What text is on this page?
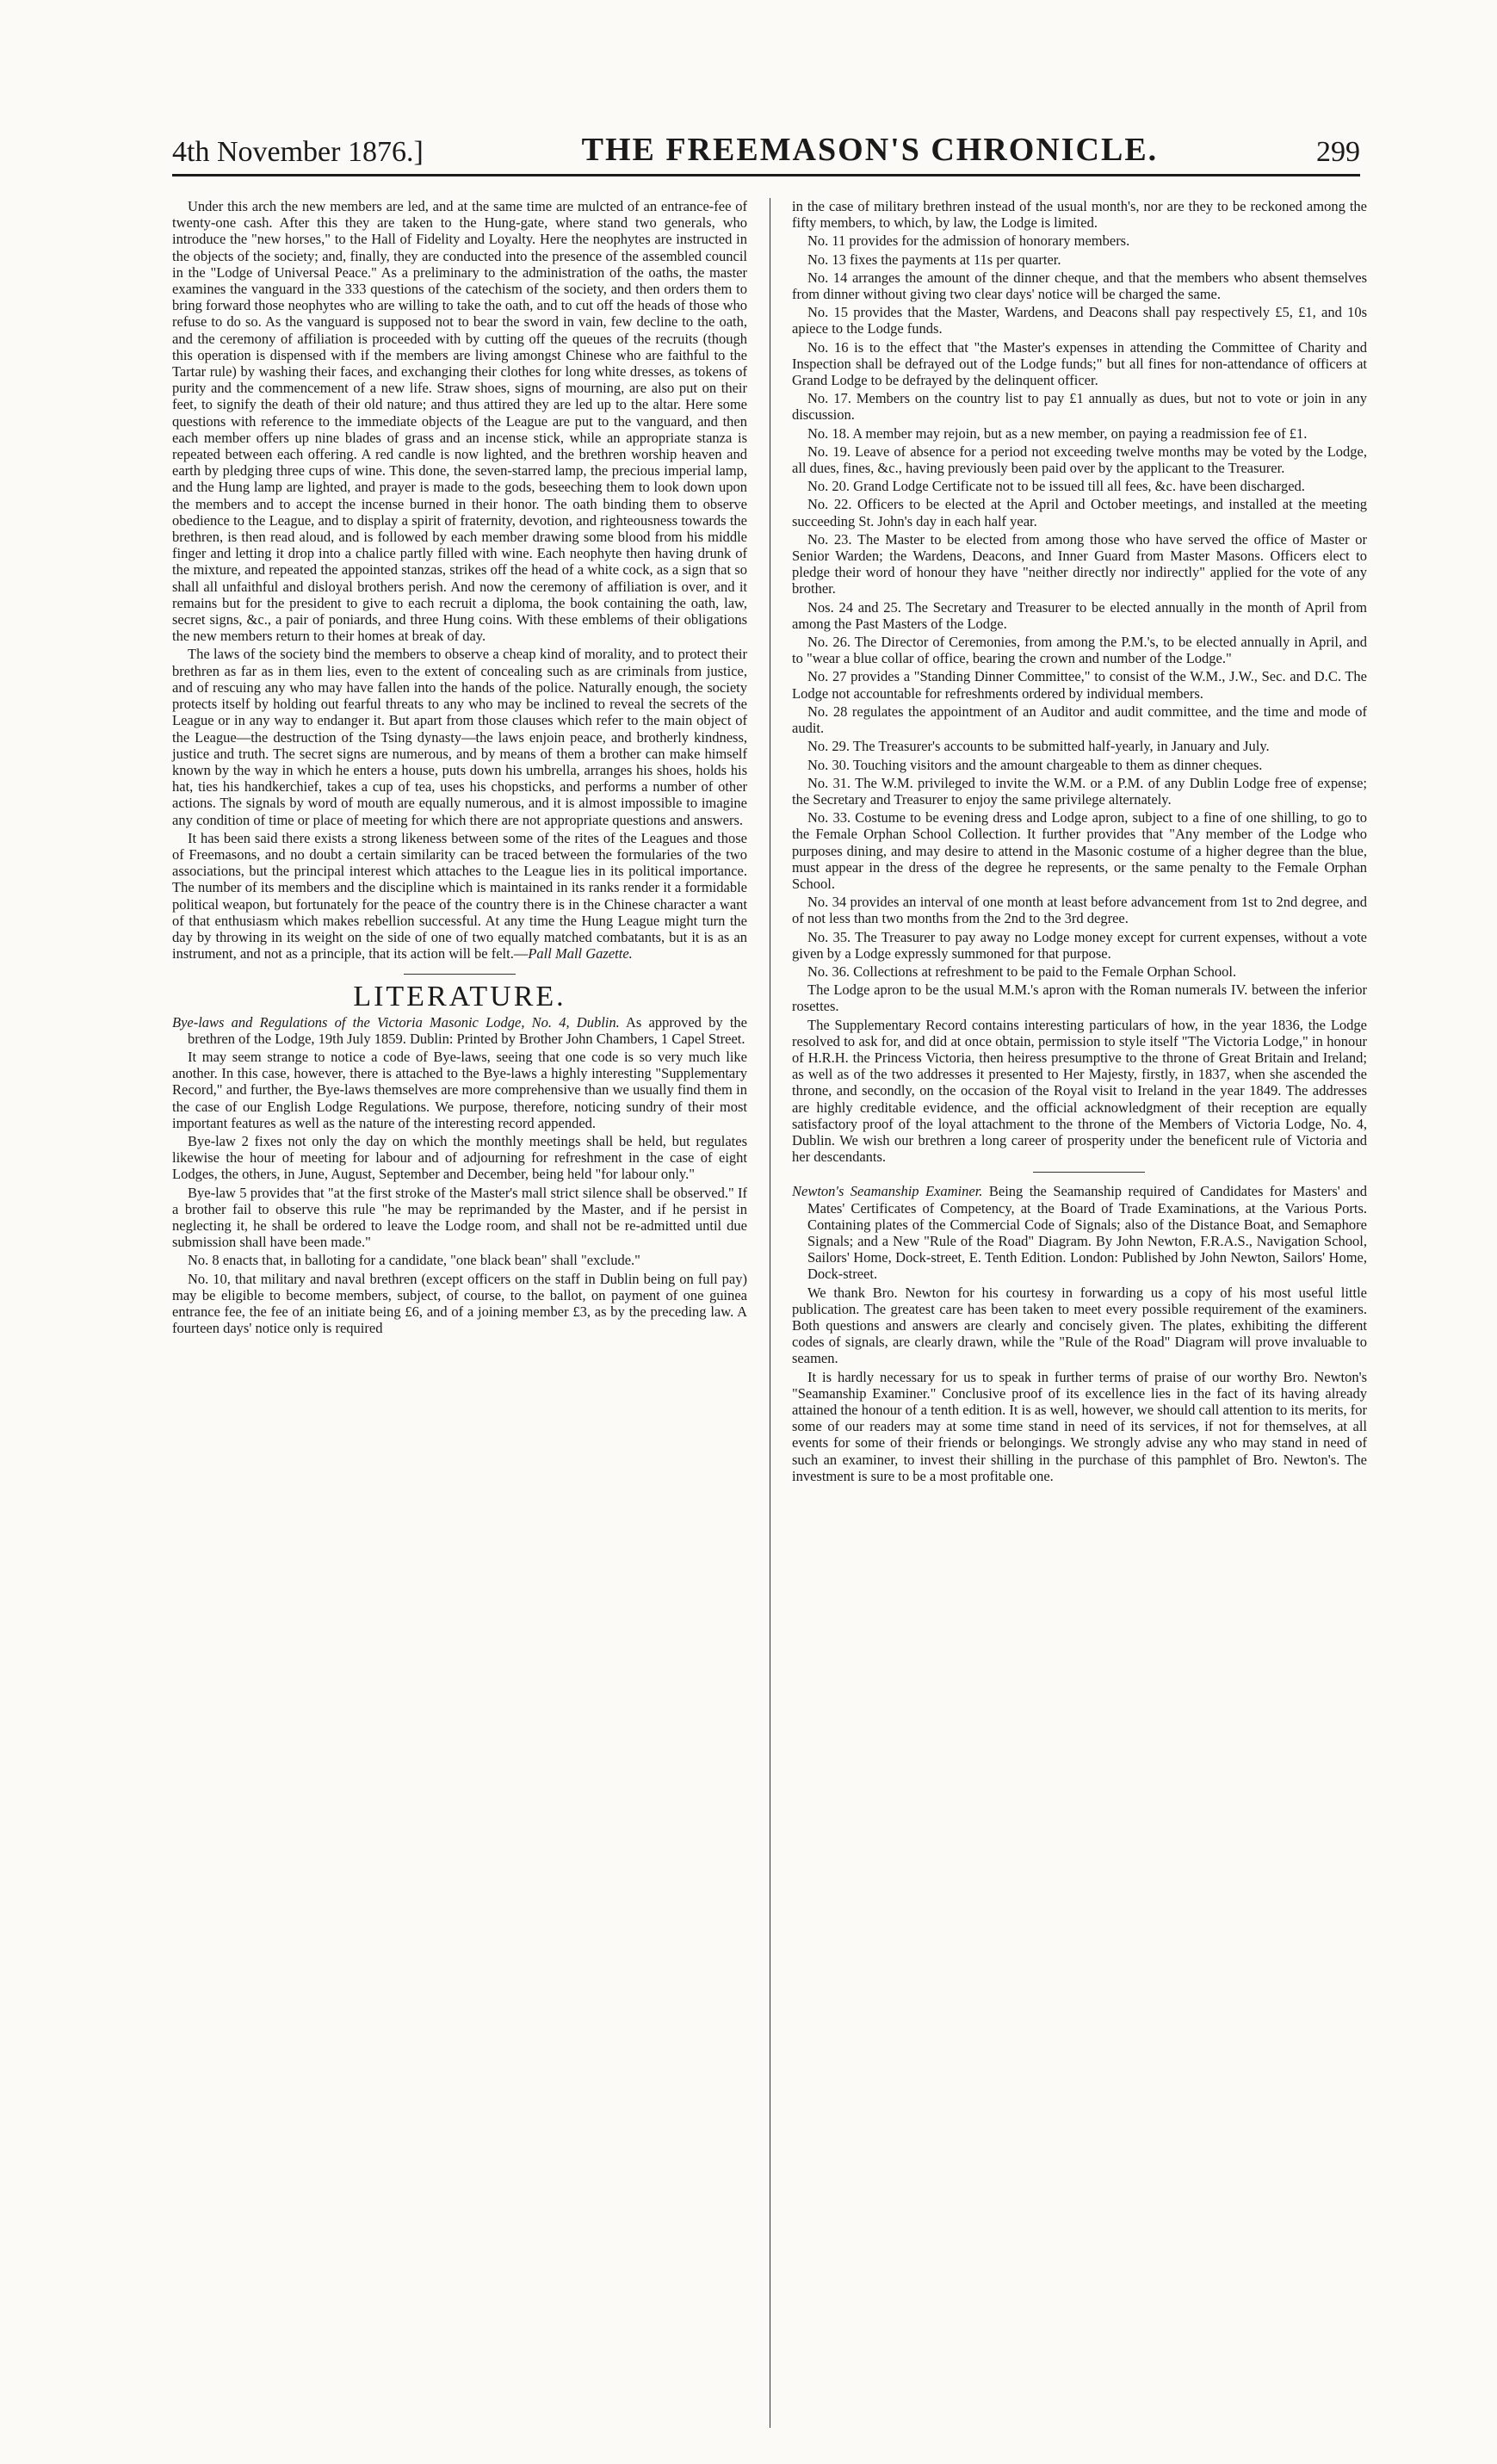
4th November 1876.]	THE FREEMASON'S CHRONICLE.	299

Under this arch the new members are led, and at the same time are mulcted of an entrance-fee of twenty-one cash. After this they are taken to the Hung-gate, where stand two generals, who introduce the "new horses," to the Hall of Fidelity and Loyalty. Here the neophytes are instructed in the objects of the society; and, finally, they are conducted into the presence of the assembled council in the "Lodge of Universal Peace." As a preliminary to the administration of the oaths, the master examines the vanguard in the 333 questions of the catechism of the society, and then orders them to bring forward those neophytes who are willing to take the oath, and to cut off the heads of those who refuse to do so. As the vanguard is supposed not to bear the sword in vain, few decline to the oath, and the ceremony of affiliation is proceeded with by cutting off the queues of the recruits (though this operation is dispensed with if the members are living amongst Chinese who are faithful to the Tartar rule) by washing their faces, and exchanging their clothes for long white dresses, as tokens of purity and the commencement of a new life. Straw shoes, signs of mourning, are also put on their feet, to signify the death of their old nature; and thus attired they are led up to the altar. Here some questions with reference to the immediate objects of the League are put to the vanguard, and then each member offers up nine blades of grass and an incense stick, while an appropriate stanza is repeated between each offering. A red candle is now lighted, and the brethren worship heaven and earth by pledging three cups of wine. This done, the seven-starred lamp, the precious imperial lamp, and the Hung lamp are lighted, and prayer is made to the gods, beseeching them to look down upon the members and to accept the incense burned in their honor. The oath binding them to observe obedience to the League, and to display a spirit of fraternity, devotion, and righteousness towards the brethren, is then read aloud, and is followed by each member drawing some blood from his middle finger and letting it drop into a chalice partly filled with wine. Each neophyte then having drunk of the mixture, and repeated the appointed stanzas, strikes off the head of a white cock, as a sign that so shall all unfaithful and disloyal brothers perish. And now the ceremony of affiliation is over, and it remains but for the president to give to each recruit a diploma, the book containing the oath, law, secret signs, &c., a pair of poniards, and three Hung coins. With these emblems of their obligations the new members return to their homes at break of day.

The laws of the society bind the members to observe a cheap kind of morality, and to protect their brethren as far as in them lies, even to the extent of concealing such as are criminals from justice, and of rescuing any who may have fallen into the hands of the police. Naturally enough, the society protects itself by holding out fearful threats to any who may be inclined to reveal the secrets of the League or in any way to endanger it. But apart from those clauses which refer to the main object of the League—the destruction of the Tsing dynasty—the laws enjoin peace, and brotherly kindness, justice and truth. The secret signs are numerous, and by means of them a brother can make himself known by the way in which he enters a house, puts down his umbrella, arranges his shoes, holds his hat, ties his handkerchief, takes a cup of tea, uses his chopsticks, and performs a number of other actions. The signals by word of mouth are equally numerous, and it is almost impossible to imagine any condition of time or place of meeting for which there are not appropriate questions and answers.

It has been said there exists a strong likeness between some of the rites of the Leagues and those of Freemasons, and no doubt a certain similarity can be traced between the formularies of the two associations, but the principal interest which attaches to the League lies in its political importance. The number of its members and the discipline which is maintained in its ranks render it a formidable political weapon, but fortunately for the peace of the country there is in the Chinese character a want of that enthusiasm which makes rebellion successful. At any time the Hung League might turn the day by throwing in its weight on the side of one of two equally matched combatants, but it is as an instrument, and not as a principle, that its action will be felt.—Pall Mall Gazette.

LITERATURE.

Bye-laws and Regulations of the Victoria Masonic Lodge, No. 4, Dublin. As approved by the brethren of the Lodge, 19th July 1859. Dublin: Printed by Brother John Chambers, 1 Capel Street.

It may seem strange to notice a code of Bye-laws, seeing that one code is so very much like another. In this case, however, there is attached to the Bye-laws a highly interesting "Supplementary Record," and further, the Bye-laws themselves are more comprehensive than we usually find them in the case of our English Lodge Regulations. We purpose, therefore, noticing sundry of their most important features as well as the nature of the interesting record appended.

Bye-law 2 fixes not only the day on which the monthly meetings shall be held, but regulates likewise the hour of meeting for labour and of adjourning for refreshment in the case of eight Lodges, the others, in June, August, September and December, being held "for labour only."

Bye-law 5 provides that "at the first stroke of the Master's mall strict silence shall be observed." If a brother fail to observe this rule "he may be reprimanded by the Master, and if he persist in neglecting it, he shall be ordered to leave the Lodge room, and shall not be re-admitted until due submission shall have been made."

No. 8 enacts that, in balloting for a candidate, "one black bean" shall "exclude."

No. 10, that military and naval brethren (except officers on the staff in Dublin being on full pay) may be eligible to become members, subject, of course, to the ballot, on payment of one guinea entrance fee, the fee of an initiate being £6, and of a joining member £3, as by the preceding law. A fourteen days' notice only is required

in the case of military brethren instead of the usual month's, nor are they to be reckoned among the fifty members, to which, by law, the Lodge is limited.

No. 11 provides for the admission of honorary members.

No. 13 fixes the payments at 11s per quarter.

No. 14 arranges the amount of the dinner cheque, and that the members who absent themselves from dinner without giving two clear days' notice will be charged the same.

No. 15 provides that the Master, Wardens, and Deacons shall pay respectively £5, £1, and 10s apiece to the Lodge funds.

No. 16 is to the effect that "the Master's expenses in attending the Committee of Charity and Inspection shall be defrayed out of the Lodge funds;" but all fines for non-attendance of officers at Grand Lodge to be defrayed by the delinquent officer.

No. 17. Members on the country list to pay £1 annually as dues, but not to vote or join in any discussion.

No. 18. A member may rejoin, but as a new member, on paying a readmission fee of £1.

No. 19. Leave of absence for a period not exceeding twelve months may be voted by the Lodge, all dues, fines, &c., having previously been paid over by the applicant to the Treasurer.

No. 20. Grand Lodge Certificate not to be issued till all fees, &c. have been discharged.

No. 22. Officers to be elected at the April and October meetings, and installed at the meeting succeeding St. John's day in each half year.

No. 23. The Master to be elected from among those who have served the office of Master or Senior Warden; the Wardens, Deacons, and Inner Guard from Master Masons. Officers elect to pledge their word of honour they have "neither directly nor indirectly" applied for the vote of any brother.

Nos. 24 and 25. The Secretary and Treasurer to be elected annually in the month of April from among the Past Masters of the Lodge.

No. 26. The Director of Ceremonies, from among the P.M.'s, to be elected annually in April, and to "wear a blue collar of office, bearing the crown and number of the Lodge."

No. 27 provides a "Standing Dinner Committee," to consist of the W.M., J.W., Sec. and D.C. The Lodge not accountable for refreshments ordered by individual members.

No. 28 regulates the appointment of an Auditor and audit committee, and the time and mode of audit.

No. 29. The Treasurer's accounts to be submitted half-yearly, in January and July.

No. 30. Touching visitors and the amount chargeable to them as dinner cheques.

No. 31. The W.M. privileged to invite the W.M. or a P.M. of any Dublin Lodge free of expense; the Secretary and Treasurer to enjoy the same privilege alternately.

No. 33. Costume to be evening dress and Lodge apron, subject to a fine of one shilling, to go to the Female Orphan School Collection. It further provides that "Any member of the Lodge who purposes dining, and may desire to attend in the Masonic costume of a higher degree than the blue, must appear in the dress of the degree he represents, or the same penalty to the Female Orphan School.

No. 34 provides an interval of one month at least before advancement from 1st to 2nd degree, and of not less than two months from the 2nd to the 3rd degree.

No. 35. The Treasurer to pay away no Lodge money except for current expenses, without a vote given by a Lodge expressly summoned for that purpose.

No. 36. Collections at refreshment to be paid to the Female Orphan School.

The Lodge apron to be the usual M.M.'s apron with the Roman numerals IV. between the inferior rosettes.

The Supplementary Record contains interesting particulars of how, in the year 1836, the Lodge resolved to ask for, and did at once obtain, permission to style itself "The Victoria Lodge," in honour of H.R.H. the Princess Victoria, then heiress presumptive to the throne of Great Britain and Ireland; as well as of the two addresses it presented to Her Majesty, firstly, in 1837, when she ascended the throne, and secondly, on the occasion of the Royal visit to Ireland in the year 1849. The addresses are highly creditable evidence, and the official acknowledgment of their reception are equally satisfactory proof of the loyal attachment to the throne of the Members of Victoria Lodge, No. 4, Dublin. We wish our brethren a long career of prosperity under the beneficent rule of Victoria and her descendants.

Newton's Seamanship Examiner. Being the Seamanship required of Candidates for Masters' and Mates' Certificates of Competency, at the Board of Trade Examinations, at the Various Ports. Containing plates of the Commercial Code of Signals; also of the Distance Boat, and Semaphore Signals; and a New "Rule of the Road" Diagram. By John Newton, F.R.A.S., Navigation School, Sailors' Home, Dock-street, E. Tenth Edition. London: Published by John Newton, Sailors' Home, Dock-street.

We thank Bro. Newton for his courtesy in forwarding us a copy of his most useful little publication. The greatest care has been taken to meet every possible requirement of the examiners. Both questions and answers are clearly and concisely given. The plates, exhibiting the different codes of signals, are clearly drawn, while the "Rule of the Road" Diagram will prove invaluable to seamen.

It is hardly necessary for us to speak in further terms of praise of our worthy Bro. Newton's "Seamanship Examiner." Conclusive proof of its excellence lies in the fact of its having already attained the honour of a tenth edition. It is as well, however, we should call attention to its merits, for some of our readers may at some time stand in need of its services, if not for themselves, at all events for some of their friends or belongings. We strongly advise any who may stand in need of such an examiner, to invest their shilling in the purchase of this pamphlet of Bro. Newton's. The investment is sure to be a most profitable one.
